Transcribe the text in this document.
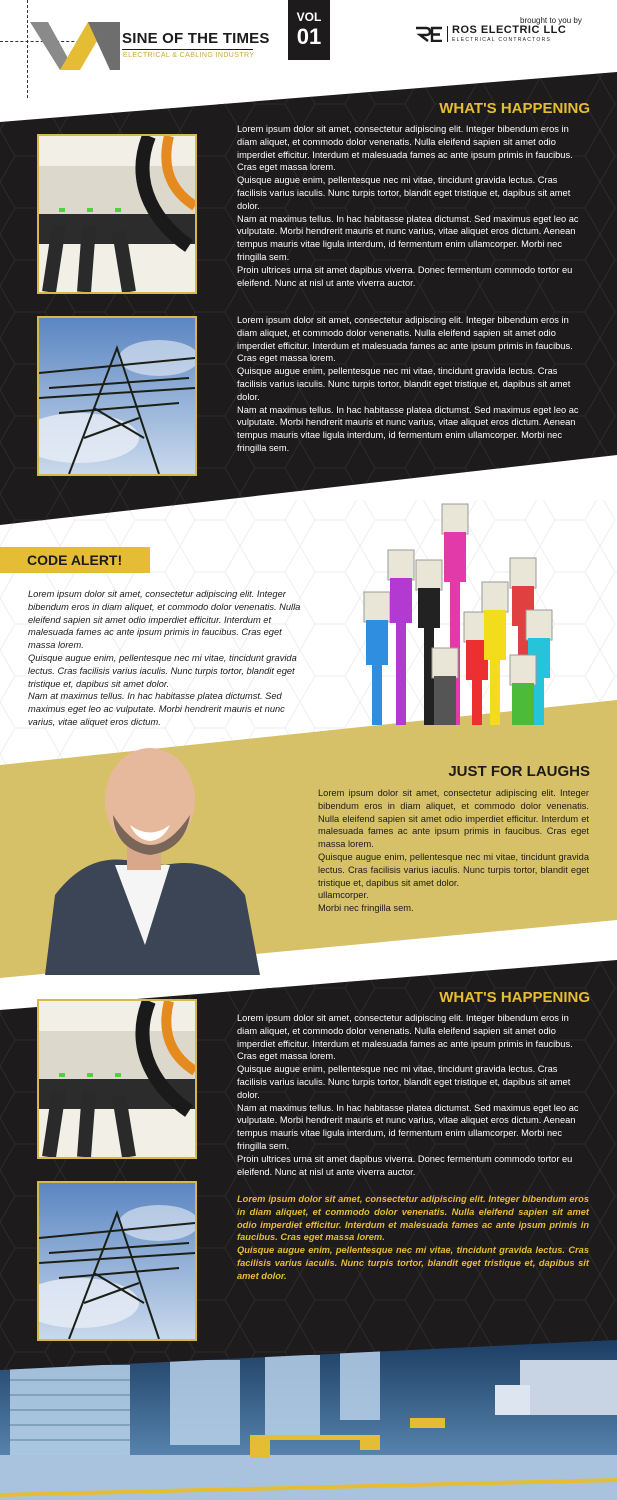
SINE OF THE TIMES
ELECTRICAL & CABLING INDUSTRY
VOL
01
brought to you by
ROS ELECTRIC LLC
ELECTRICAL CONTRACTORS
WHAT'S HAPPENING

Lorem ipsum dolor sit amet, consectetur adipiscing elit. Integer bibendum eros in diam aliquet, et commodo dolor venenatis. Nulla eleifend sapien sit amet odio imperdiet efficitur. Interdum et malesuada fames ac ante ipsum primis in faucibus. Cras eget massa lorem.

Quisque augue enim, pellentesque nec mi vitae, tincidunt gravida lectus. Cras facilisis varius iaculis. Nunc turpis tortor, blandit eget tristique et, dapibus sit amet dolor.

Nam at maximus tellus. In hac habitasse platea dictumst. Sed maximus eget leo ac vulputate. Morbi hendrerit mauris et nunc varius, vitae aliquet eros dictum. Aenean tempus mauris vitae ligula interdum, id fermentum enim ullamcorper. Morbi nec fringilla sem.

Proin ultrices urna sit amet dapibus viverra. Donec fermentum commodo tortor eu eleifend. Nunc at nisl ut ante viverra auctor.

Lorem ipsum dolor sit amet, consectetur adipiscing elit. Integer bibendum eros in diam aliquet, et commodo dolor venenatis. Nulla eleifend sapien sit amet odio imperdiet efficitur. Interdum et malesuada fames ac ante ipsum primis in faucibus. Cras eget massa lorem.

Quisque augue enim, pellentesque nec mi vitae, tincidunt gravida lectus. Cras facilisis varius iaculis. Nunc turpis tortor, blandit eget tristique et, dapibus sit amet dolor.

Nam at maximus tellus. In hac habitasse platea dictumst. Sed maximus eget leo ac vulputate. Morbi hendrerit mauris et nunc varius, vitae aliquet eros dictum. Aenean tempus mauris vitae ligula interdum, id fermentum enim ullamcorper. Morbi nec fringilla sem.

CODE ALERT!

Lorem ipsum dolor sit amet, consectetur adipiscing elit. Integer bibendum eros in diam aliquet, et commodo dolor venenatis. Nulla eleifend sapien sit amet odio imperdiet efficitur. Interdum et malesuada fames ac ante ipsum primis in faucibus. Cras eget massa lorem.

Quisque augue enim, pellentesque nec mi vitae, tincidunt gravida lectus. Cras facilisis varius iaculis. Nunc turpis tortor, blandit eget tristique et, dapibus sit amet dolor.

Nam at maximus tellus. In hac habitasse platea dictumst. Sed maximus eget leo ac vulputate. Morbi hendrerit mauris et nunc varius, vitae aliquet eros dictum.

JUST FOR LAUGHS

Lorem ipsum dolor sit amet, consectetur adipiscing elit. Integer bibendum eros in diam aliquet, et commodo dolor venenatis. Nulla eleifend sapien sit amet odio imperdiet efficitur. Interdum et malesuada fames ac ante ipsum primis in faucibus. Cras eget massa lorem.

Quisque augue enim, pellentesque nec mi vitae, tincidunt gravida lectus. Cras facilisis varius iaculis. Nunc turpis tortor, blandit eget tristique et, dapibus sit amet dolor.

ullamcorper.

Morbi nec fringilla sem.

WHAT'S HAPPENING

Lorem ipsum dolor sit amet, consectetur adipiscing elit. Integer bibendum eros in diam aliquet, et commodo dolor venenatis. Nulla eleifend sapien sit amet odio imperdiet efficitur. Interdum et malesuada fames ac ante ipsum primis in faucibus. Cras eget massa lorem.

Quisque augue enim, pellentesque nec mi vitae, tincidunt gravida lectus. Cras facilisis varius iaculis. Nunc turpis tortor, blandit eget tristique et, dapibus sit amet dolor.

Nam at maximus tellus. In hac habitasse platea dictumst. Sed maximus eget leo ac vulputate. Morbi hendrerit mauris et nunc varius, vitae aliquet eros dictum. Aenean tempus mauris vitae ligula interdum, id fermentum enim ullamcorper. Morbi nec fringilla sem.

Proin ultrices urna sit amet dapibus viverra. Donec fermentum commodo tortor eu eleifend. Nunc at nisl ut ante viverra auctor.

Lorem ipsum dolor sit amet, consectetur adipiscing elit. Integer bibendum eros in diam aliquet, et commodo dolor venenatis. Nulla eleifend sapien sit amet odio imperdiet efficitur. Interdum et malesuada fames ac ante ipsum primis in faucibus. Cras eget massa lorem.

Quisque augue enim, pellentesque nec mi vitae, tincidunt gravida lectus. Cras facilisis varius iaculis. Nunc turpis tortor, blandit eget tristique et, dapibus sit amet dolor.
